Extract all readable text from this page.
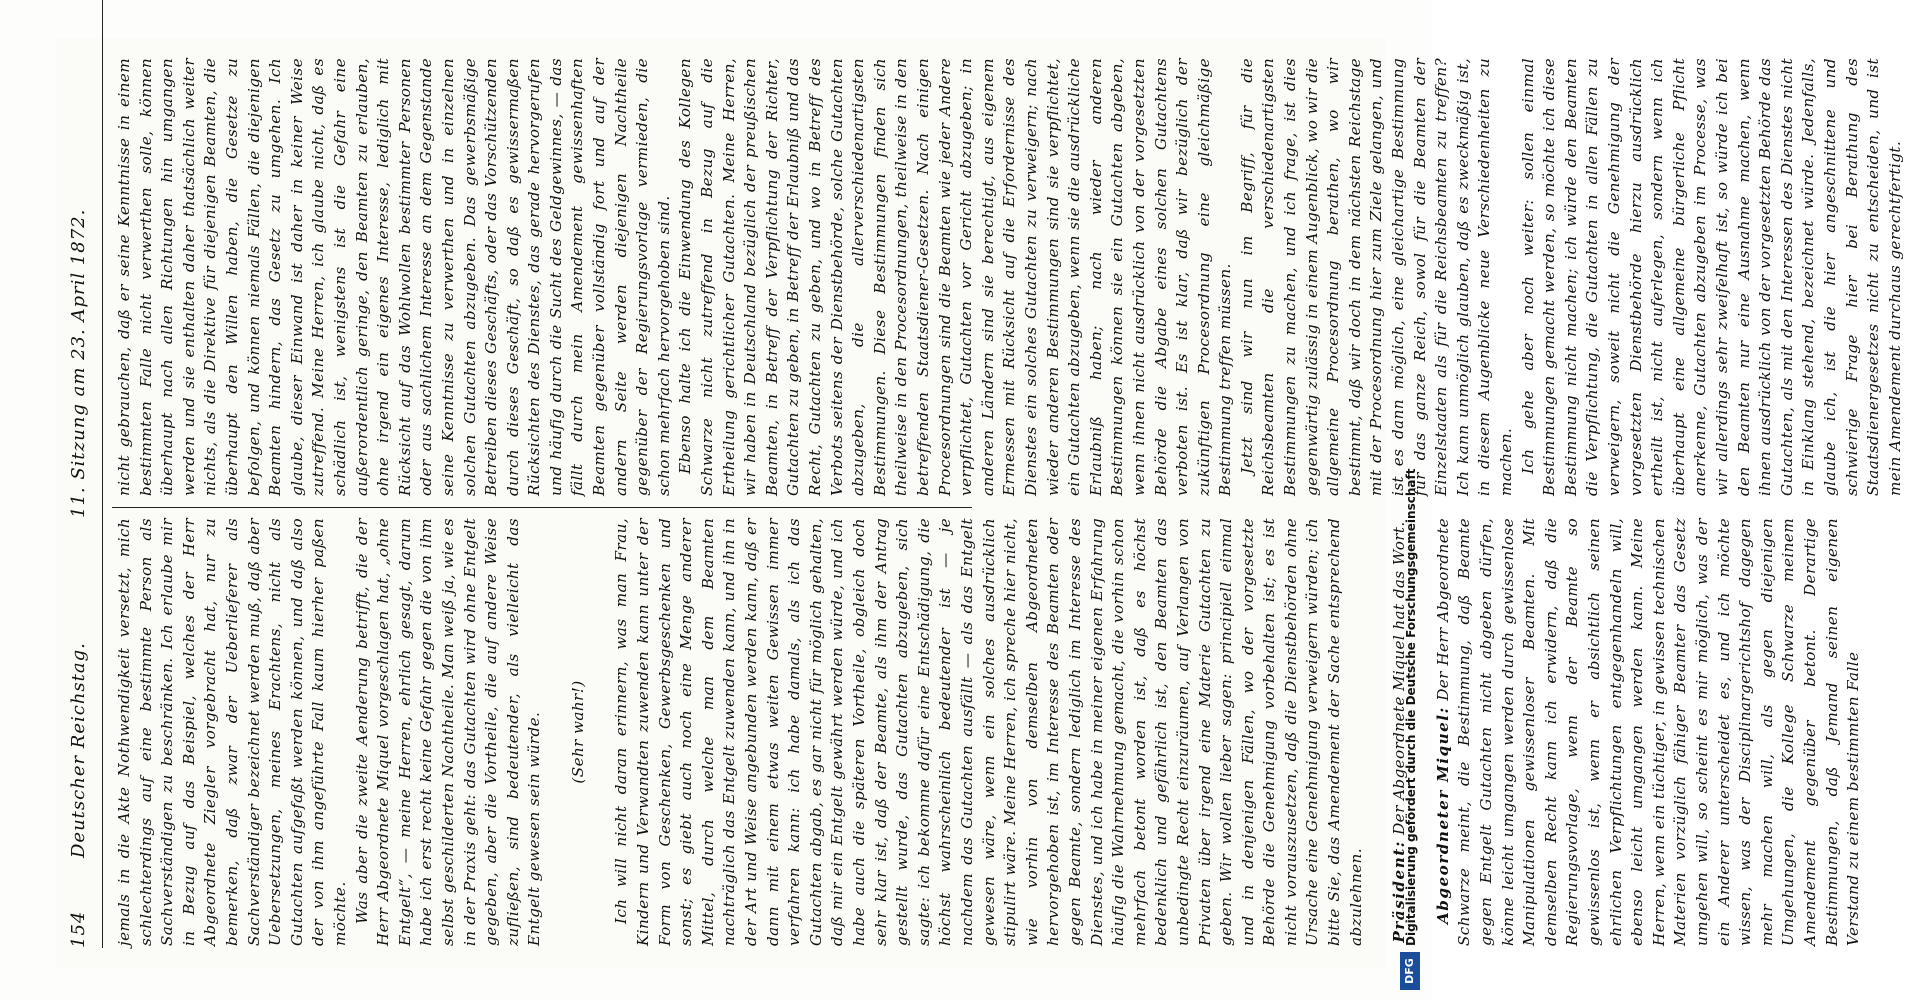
154
Deutscher Reichstag.
11. Sitzung am 23. April 1872.

jemals in die Akte Nothwendigkeit versetzt, mich schlechterdings auf eine bestimmte Person als Sachverständigen zu beschränken. Ich erlaube mir in Bezug auf das Beispiel, welches der Herr Abgeordnete Ziegler vorgebracht hat, nur zu bemerken, daß zwar der Ueberlieferer als Sachverständiger bezeichnet werden muß, daß aber Uebersetzungen, meines Erachtens, nicht als Gutachten aufgefaßt werden können, und daß also der von ihm angeführte Fall kaum hierher paßen möchte. Was aber die zweite Aenderung betrifft, die der Herr Abgeordnete Miquel vorgeschlagen hat, „ohne Entgelt“, — meine Herren, ehrlich gesagt, darum habe ich erst recht keine Gefahr gegen die von ihm selbst geschilderten Nachtheile. Man weiß ja, wie es in der Praxis geht: das Gutachten wird ohne Entgelt gegeben, aber die Vortheile, die auf andere Weise zufließen, sind bedeutender, als vielleicht das Entgelt gewesen sein würde. (Sehr wahr!) Ich will nicht daran erinnern, was man Frau, Kindern und Verwandten zuwenden kann unter der Form von Geschenken, Gewerbsgeschenken und sonst; es giebt auch noch eine Menge anderer Mittel, durch welche man dem Beamten nachträglich das Entgelt zuwenden kann, und ihn in der Art und Weise angebunden werden kann, daß er dann mit einem etwas weiten Gewissen immer verfahren kann: ich habe damals, als ich das Gutachten abgab, es gar nicht für möglich gehalten, daß mir ein Entgelt gewährt werden würde, und ich habe auch die späteren Vortheile, obgleich doch sehr klar ist, daß der Beamte, als ihm der Antrag gestellt wurde, das Gutachten abzugeben, sich sagte: ich bekomme dafür eine Entschädigung, die höchst wahrscheinlich bedeutender ist — je nachdem das Gutachten ausfällt — als das Entgelt gewesen wäre, wenn ein solches ausdrücklich stipulirt wäre. Meine Herren, ich spreche hier nicht, wie vorhin von demselben Abgeordneten hervorgehoben ist, im Interesse des Beamten oder gegen Beamte, sondern lediglich im Interesse des Dienstes, und ich habe in meiner eigenen Erfahrung häufig die Wahrnehmung gemacht, die vorhin schon mehrfach betont worden ist, daß es höchst bedenklich und gefährlich ist, den Beamten das unbedingte Recht einzuräumen, auf Verlangen von Privaten über irgend eine Materie Gutachten zu geben. Wir wollen lieber sagen: principiell einmal und in denjenigen Fällen, wo der vorgesetzte Behörde die Genehmigung vorbehalten ist; es ist nicht vorauszusetzen, daß die Dienstbehörden ohne Ursache eine Genehmigung verweigern würden; ich bitte Sie, das Amendement der Sache entsprechend abzulehnen. Präsident: Der Abgeordnete Miquel hat das Wort. Abgeordneter Miquel: Der Herr Abgeordnete Schwarze meint, die Bestimmung, daß Beamte gegen Entgelt Gutachten nicht abgeben dürfen, könne leicht umgangen werden durch gewissenlose Manipulationen gewissenloser Beamten. Mit demselben Recht kann ich erwidern, daß die Regierungsvorlage, wenn der Beamte so gewissenlos ist, wenn er absichtlich seinen ehrlichen Verpflichtungen entgegenhandeln will, ebenso leicht umgangen werden kann. Meine Herren, wenn ein tüchtiger, in gewissen technischen Materien vorzüglich fähiger Beamter das Gesetz umgehen will, so scheint es mir möglich, was der ein Anderer unterscheidet es, und ich möchte wissen, was der Disciplinargerichtshof dagegen mehr machen will, als gegen diejenigen Umgehungen, die Kollege Schwarze meinem Amendement gegenüber betont. Derartige Bestimmungen, daß Jemand seinen eigenen Verstand zu einem bestimmten Falle

nicht gebrauchen, daß er seine Kenntnisse in einem bestimmten Falle nicht verwerthen solle, können überhaupt nach allen Richtungen hin umgangen werden und sie enthalten daher thatsächlich weiter nichts, als die Direktive für diejenigen Beamten, die überhaupt den Willen haben, die Gesetze zu befolgen, und können niemals Fällen, die diejenigen Beamten hindern, das Gesetz zu umgehen. Ich glaube, dieser Einwand ist daher in keiner Weise zutreffend. Meine Herren, ich glaube nicht, daß es schädlich ist, wenigstens ist die Gefahr eine außerordentlich geringe, den Beamten zu erlauben, ohne irgend ein eigenes Interesse, lediglich mit Rücksicht auf das Wohlwollen bestimmter Personen oder aus sachlichem Interesse an dem Gegenstande seine Kenntnisse zu verwerthen und in einzelnen solchen Gutachten abzugeben. Das gewerbsmäßige Betreiben dieses Geschäfts, oder das Vorschützenden durch dieses Geschäft, so daß es gewissermaßen Rücksichten des Dienstes, das gerade hervorgerufen und häufig durch die Sucht des Geldgewinnes, — das fällt durch mein Amendement gewissenhaften Beamten gegenüber vollständig fort und auf der andern Seite werden diejenigen Nachtheile gegenüber der Regierungsvorlage vermieden, die schon mehrfach hervorgehoben sind. Ebenso halte ich die Einwendung des Kollegen Schwarze nicht zutreffend in Bezug auf die Ertheilung gerichtlicher Gutachten. Meine Herren, wir haben in Deutschland bezüglich der preußischen Beamten, in Betreff der Verpflichtung der Richter, Gutachten zu geben, in Betreff der Erlaubniß und das Recht, Gutachten zu geben, und wo in Betreff des Verbots seitens der Dienstbehörde, solche Gutachten abzugeben, die allerverschiedenartigsten Bestimmungen. Diese Bestimmungen finden sich theilweise in den Procesordnungen, theilweise in den betreffenden Staatsdiener-Gesetzen. Nach einigen Procesordnungen sind die Beamten wie jeder Andere verpflichtet, Gutachten vor Gericht abzugeben; in anderen Ländern sind sie berechtigt, aus eigenem Ermessen mit Rücksicht auf die Erfordernisse des Dienstes ein solches Gutachten zu verweigern; nach wieder anderen Bestimmungen sind sie verpflichtet, ein Gutachten abzugeben, wenn sie die ausdrückliche Erlaubniß haben; nach wieder anderen Bestimmungen können sie ein Gutachten abgeben, wenn ihnen nicht ausdrücklich von der vorgesetzten Behörde die Abgabe eines solchen Gutachtens verboten ist. Es ist klar, daß wir bezüglich der zukünftigen Procesordnung eine gleichmäßige Bestimmung treffen müssen. Jetzt sind wir nun im Begriff, für die Reichsbeamten die verschiedenartigsten Bestimmungen zu machen, und ich frage, ist dies gegenwärtig zulässig in einem Augenblick, wo wir die allgemeine Procesordnung berathen, wo wir bestimmt, daß wir doch in dem nächsten Reichstage mit der Procesordnung hier zum Ziele gelangen, und ist es dann möglich, eine gleichartige Bestimmung für das ganze Reich, sowol für die Beamten der Einzelstaaten als für die Reichsbeamten zu treffen? Ich kann unmöglich glauben, daß es zweckmäßig ist, in diesem Augenblicke neue Verschiedenheiten zu machen. Ich gehe aber noch weiter: sollen einmal Bestimmungen gemacht werden, so möchte ich diese Bestimmung nicht machen; ich würde den Beamten die Verpflichtung, die Gutachten in allen Fällen zu verweigern, soweit nicht die Genehmigung der vorgesetzten Dienstbehörde hierzu ausdrücklich ertheilt ist, nicht auferlegen, sondern wenn ich überhaupt eine allgemeine bürgerliche Pflicht anerkenne, Gutachten abzugeben im Processe, was wir allerdings sehr zweifelhaft ist, so würde ich bei den Beamten nur eine Ausnahme machen, wenn ihnen ausdrücklich von der vorgesetzten Behörde das Gutachten, als mit den Interessen des Dienstes nicht in Einklang stehend, bezeichnet würde. Jedenfalls, glaube ich, ist die hier angeschnittene und schwierige Frage hier bei Berathung des Staatsdienergesetzes nicht zu entscheiden, und ist mein Amendement durchaus gerechtfertigt.

DFG
Digitalisierung gefördert durch die Deutsche Forschungsgemeinschaft
